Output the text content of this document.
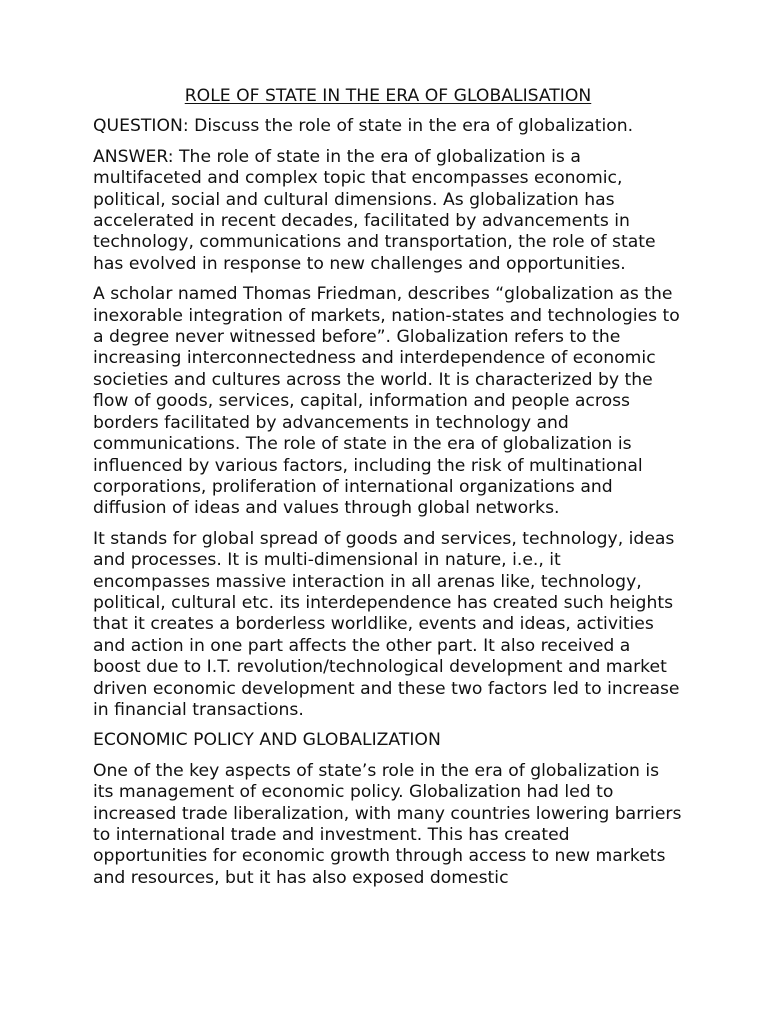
ROLE OF STATE IN THE ERA OF GLOBALISATION

QUESTION: Discuss the role of state in the era of globalization.

ANSWER: The role of state in the era of globalization is a multifaceted and complex topic that encompasses economic, political, social and cultural dimensions. As globalization has accelerated in recent decades, facilitated by advancements in technology, communications and transportation, the role of state has evolved in response to new challenges and opportunities.

A scholar named Thomas Friedman, describes “globalization as the inexorable integration of markets, nation-states and technologies to a degree never witnessed before”. Globalization refers to the increasing interconnectedness and interdependence of economic societies and cultures across the world. It is characterized by the flow of goods, services, capital, information and people across borders facilitated by advancements in technology and communications. The role of state in the era of globalization is influenced by various factors, including the risk of multinational corporations, proliferation of international organizations and diffusion of ideas and values through global networks.

It stands for global spread of goods and services, technology, ideas and processes. It is multi-dimensional in nature, i.e., it encompasses massive interaction in all arenas like, technology, political, cultural etc. its interdependence has created such heights that it creates a borderless worldlike, events and ideas, activities and action in one part affects the other part. It also received a boost due to I.T. revolution/technological development and market driven economic development and these two factors led to increase in financial transactions.

ECONOMIC POLICY AND GLOBALIZATION

One of the key aspects of state’s role in the era of globalization is its management of economic policy. Globalization had led to increased trade liberalization, with many countries lowering barriers to international trade and investment. This has created opportunities for economic growth through access to new markets and resources, but it has also exposed domestic
